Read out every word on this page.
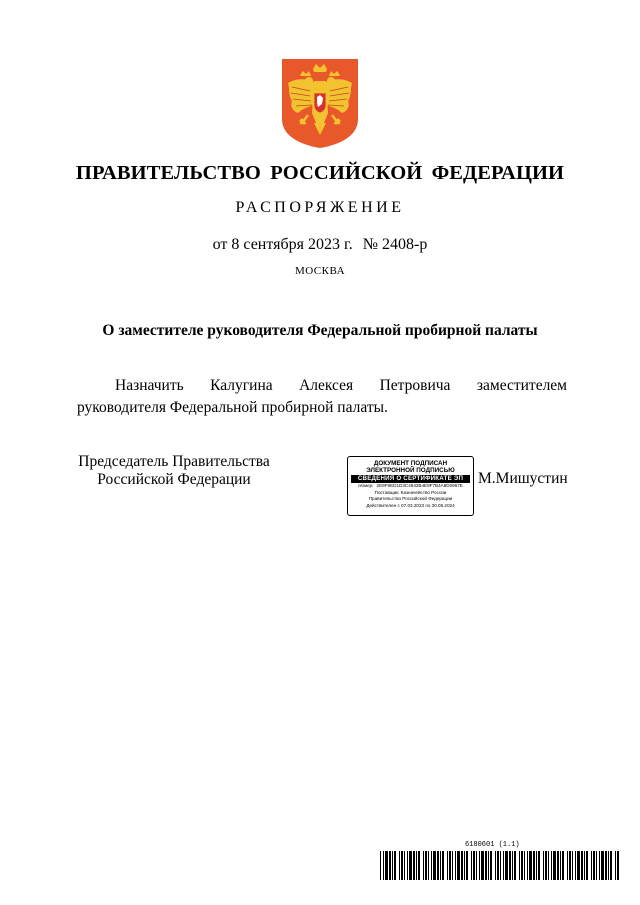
ПРАВИТЕЛЬСТВО РОССИЙСКОЙ ФЕДЕРАЦИИ
РАСПОРЯЖЕНИЕ
от 8 сентября 2023 г. № 2408-р
МОСКВА
О заместителе руководителя Федеральной пробирной палаты

Назначить Калугина Алексея Петровича заместителем руководителя Федеральной пробирной палаты.

Председатель Правительства
Российской Федерации
ДОКУМЕНТ ПОДПИСАН
ЭЛЕКТРОННОЙ ПОДПИСЬЮ
СВЕДЕНИЯ О СЕРТИФИКАТЕ ЭП
Номер: 2E9F9ED1D3C4942B4E9F7B4A8D0967E
Поставщик: Казначейство России
Правительство Российской Федерации
Действителен с 07.03.2023 по 30.05.2024
М.Мишустин
6180601 (1.1)
